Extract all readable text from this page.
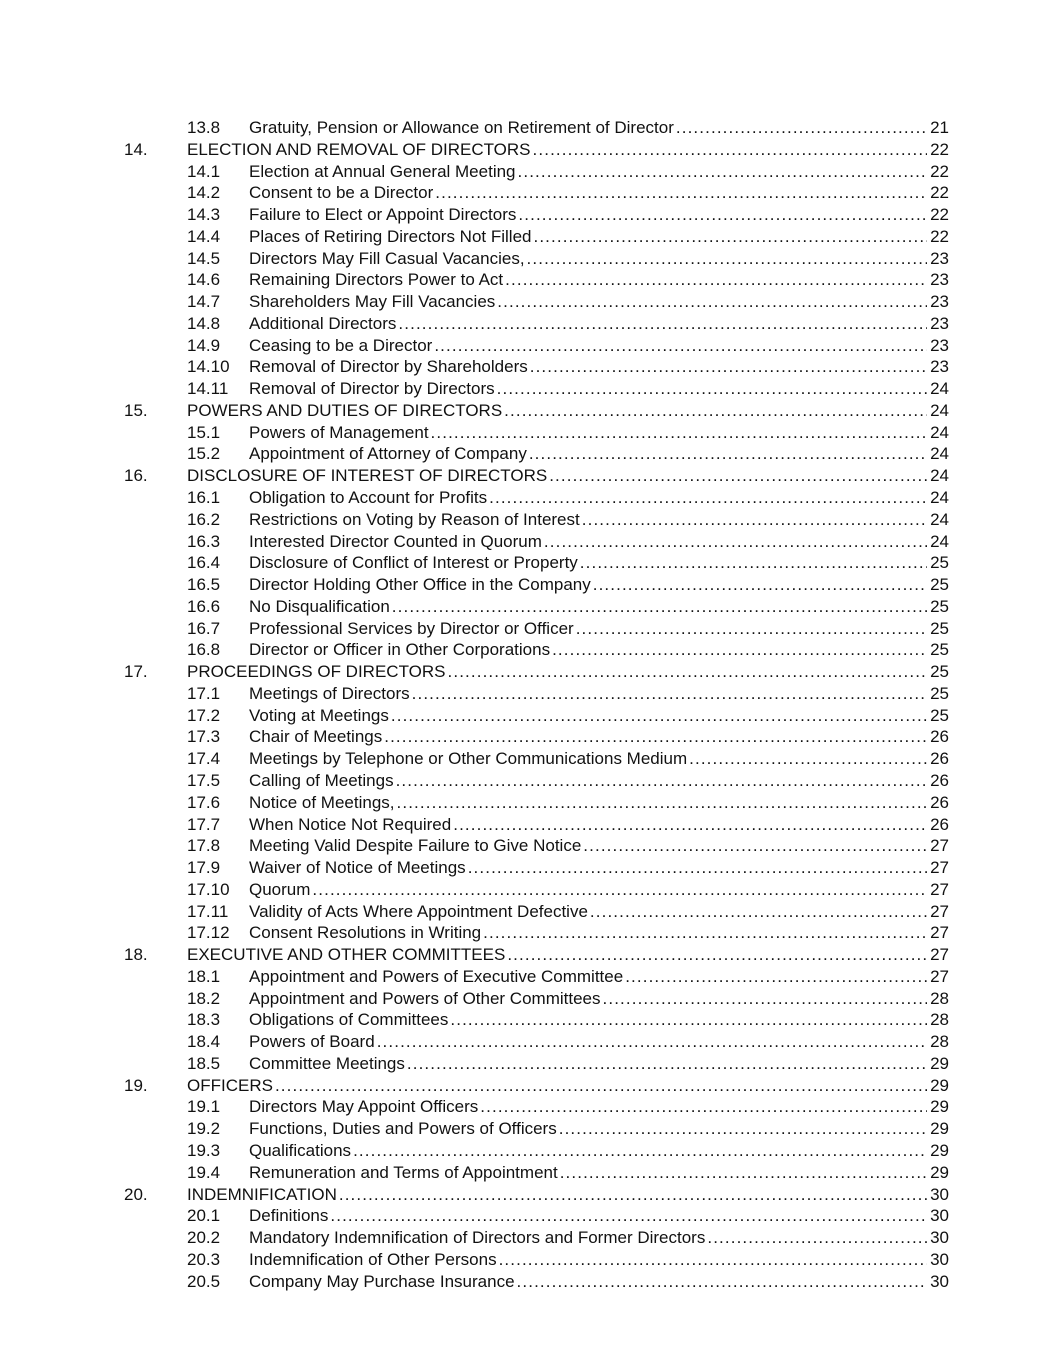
13.8 Gratuity, Pension or Allowance on Retirement of Director . . .	21
14. ELECTION AND REMOVAL OF DIRECTORS . . .	22
14.1 Election at Annual General Meeting . . .	22
14.2 Consent to be a Director . . .	22
14.3 Failure to Elect or Appoint Directors . . .	22
14.4 Places of Retiring Directors Not Filled . . .	22
14.5 Directors May Fill Casual Vacancies, . . .	23
14.6 Remaining Directors Power to Act . . .	23
14.7 Shareholders May Fill Vacancies . . .	23
14.8 Additional Directors . . .	23
14.9 Ceasing to be a Director . . .	23
14.10 Removal of Director by Shareholders . . .	23
14.11 Removal of Director by Directors . . .	24
15. POWERS AND DUTIES OF DIRECTORS . . .	24
15.1 Powers of Management . . .	24
15.2 Appointment of Attorney of Company . . .	24
16. DISCLOSURE OF INTEREST OF DIRECTORS . . .	24
16.1 Obligation to Account for Profits . . .	24
16.2 Restrictions on Voting by Reason of Interest . . .	24
16.3 Interested Director Counted in Quorum . . .	24
16.4 Disclosure of Conflict of Interest or Property . . .	25
16.5 Director Holding Other Office in the Company . . .	25
16.6 No Disqualification . . .	25
16.7 Professional Services by Director or Officer . . .	25
16.8 Director or Officer in Other Corporations . . .	25
17. PROCEEDINGS OF DIRECTORS . . .	25
17.1 Meetings of Directors . . .	25
17.2 Voting at Meetings . . .	25
17.3 Chair of Meetings . . .	26
17.4 Meetings by Telephone or Other Communications Medium . . .	26
17.5 Calling of Meetings . . .	26
17.6 Notice of Meetings, . . .	26
17.7 When Notice Not Required . . .	26
17.8 Meeting Valid Despite Failure to Give Notice . . .	27
17.9 Waiver of Notice of Meetings . . .	27
17.10 Quorum . . .	27
17.11 Validity of Acts Where Appointment Defective . . .	27
17.12 Consent Resolutions in Writing . . .	27
18. EXECUTIVE AND OTHER COMMITTEES . . .	27
18.1 Appointment and Powers of Executive Committee . . .	27
18.2 Appointment and Powers of Other Committees . . .	28
18.3 Obligations of Committees . . .	28
18.4 Powers of Board . . .	28
18.5 Committee Meetings . . .	29
19. OFFICERS . . .	29
19.1 Directors May Appoint Officers . . .	29
19.2 Functions, Duties and Powers of Officers . . .	29
19.3 Qualifications . . .	29
19.4 Remuneration and Terms of Appointment . . .	29
20. INDEMNIFICATION . . .	30
20.1 Definitions . . .	30
20.2 Mandatory Indemnification of Directors and Former Directors . . .	30
20.3 Indemnification of Other Persons . . .	30
20.5 Company May Purchase Insurance . . .	30
